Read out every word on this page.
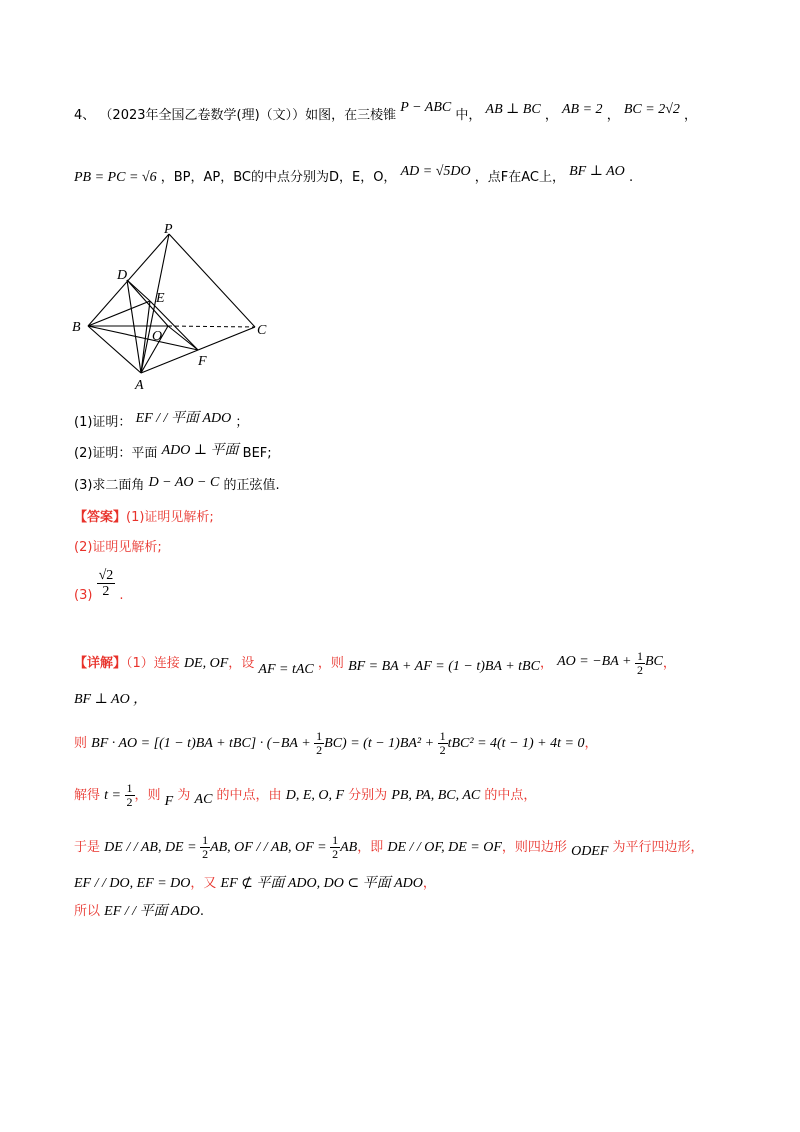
4、 （2023年全国乙卷数学(理)（文））如图，在三棱锥 P − ABC 中， AB ⊥ BC ， AB = 2 ， BC = 2√2 ，
PB = PC = √6 ，BP，AP，BC的中点分别为D，E，O， AD = √5DO ，点F在AC上， BF ⊥ AO .
P
D
E
B
O	C
F
A
(1)证明： EF / / 平面 ADO ；
(2)证明：平面 ADO ⊥ 平面 BEF;
(3)求二面角 D − AO − C 的正弦值.
【答案】(1)证明见解析;
(2)证明见解析;
$(3) \frac{√2}{2}$ .
【详解】（1）连接 DE, OF，设 AF = tAC ，则 BF = BA + AF = (1 − t)BA + tBC， AO = $-BA + \frac{1}{2}$ BC，
BF ⊥ AO ，
则 BF · AO = $[(1 - t)BA + tBC] \cdot (-BA + \frac{1}{2} BC) = (t - 1)BA^2 + \frac{1}{2} tBC^2 = 4(t - 1) + 4t = 0$，
解得 $t = \frac{1}{2}$ ，则 F 为 AC 的中点，由 D, E, O, F 分别为 PB, PA, BC, AC 的中点，
于是 DE / / AB, DE = $\frac{1}{2}$ AB, OF / / AB, OF = $\frac{1}{2}$ AB，即 DE / / OF, DE = OF，则四边形 ODEF 为平行四边形，
EF / / DO, EF = DO，又 EF ⊄ 平面 ADO, DO ⊂ 平面 ADO，
所以 EF / / 平面 ADO.
